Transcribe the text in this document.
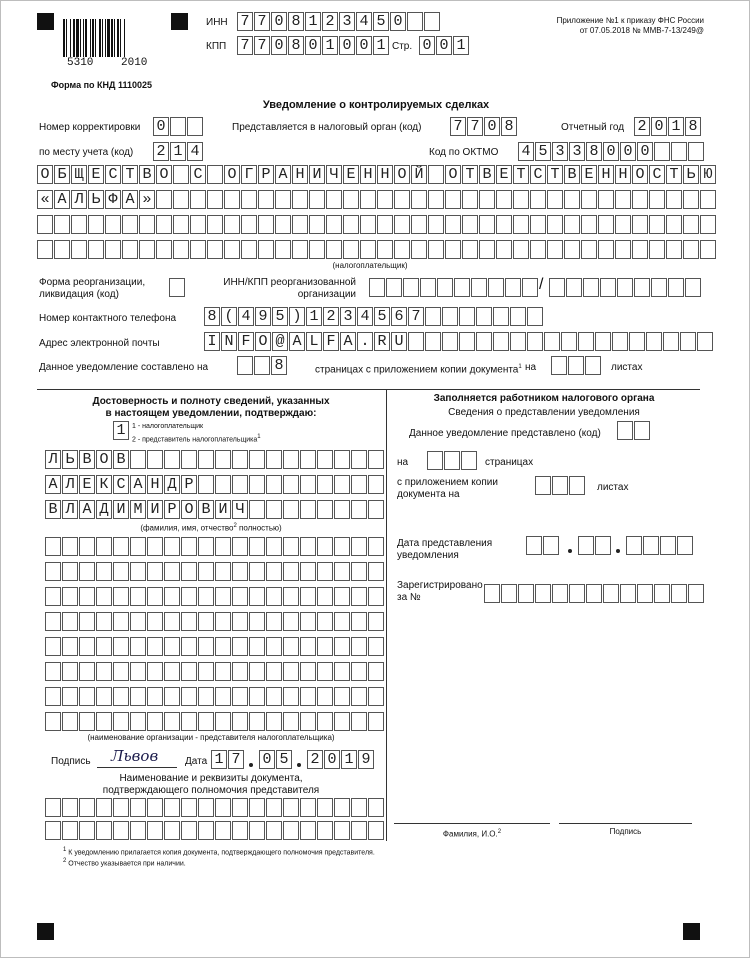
5310	2010
ИНН 7 7 0 8 1 2 3 4 5 0
КПП 7 7 0 8 0 1 0 0 1 Стр. 0 0 1
Приложение №1 к приказу ФНС России
от 07.05.2018 № ММВ-7-13/249@
Форма по КНД 1110025
Уведомление о контролируемых сделках
Номер корректировки 0	Представляется в налоговый орган (код) 7 7 0 8	Отчетный год 2 0 1 8
по месту учета (код) 2 1 4	Код по ОКТМО 4 5 3 3 8 0 0 0
О Б Щ Е С Т В О С О Г Р А Н И Ч Е Н Н О Й О Т В Е Т С Т В Е Н Н О С Т Ь Ю
« А Л Ь Ф А »
(налогоплательщик)
Форма реорганизации,
ликвидация (код)
ИНН/КПП реорганизованной
организации
/
Номер контактного телефона 8 ( 4 9 5 ) 1 2 3 4 5 6 7
Адрес электронной почты	I N F O @ A L F A . R U
Данное уведомление составлено на	8	страницах с приложением копии документа$^1$ на	листах
Достоверность и полноту сведений, указанных
в настоящем уведомлении, подтверждаю:
1 1 - налогоплательщик
2 - представитель налогоплательщика$^1$
Л Ь В О В
А Л Е К С А Н Д Р
В Л А Д И М И Р О В И Ч
(фамилия, имя, отчество$^2$ полностью)
(наименование организации - представителя налогоплательщика)
Подпись Львов	Дата 1 7 0 5 2 0 1 9
Наименование и реквизиты документа,
подтверждающего полномочия представителя
Заполняется работником налогового органа
Сведения о представлении уведомления
Данное уведомление представлено (код)
на	страницах
с приложением копии
документа на
листах
Дата представления
уведомления
Зарегистрировано
за №
Фамилия, И.О.$^2$	Подпись
$^1$ К уведомлению прилагается копия документа, подтверждающего полномочия представителя.
$^2$ Отчество указывается при наличии.
